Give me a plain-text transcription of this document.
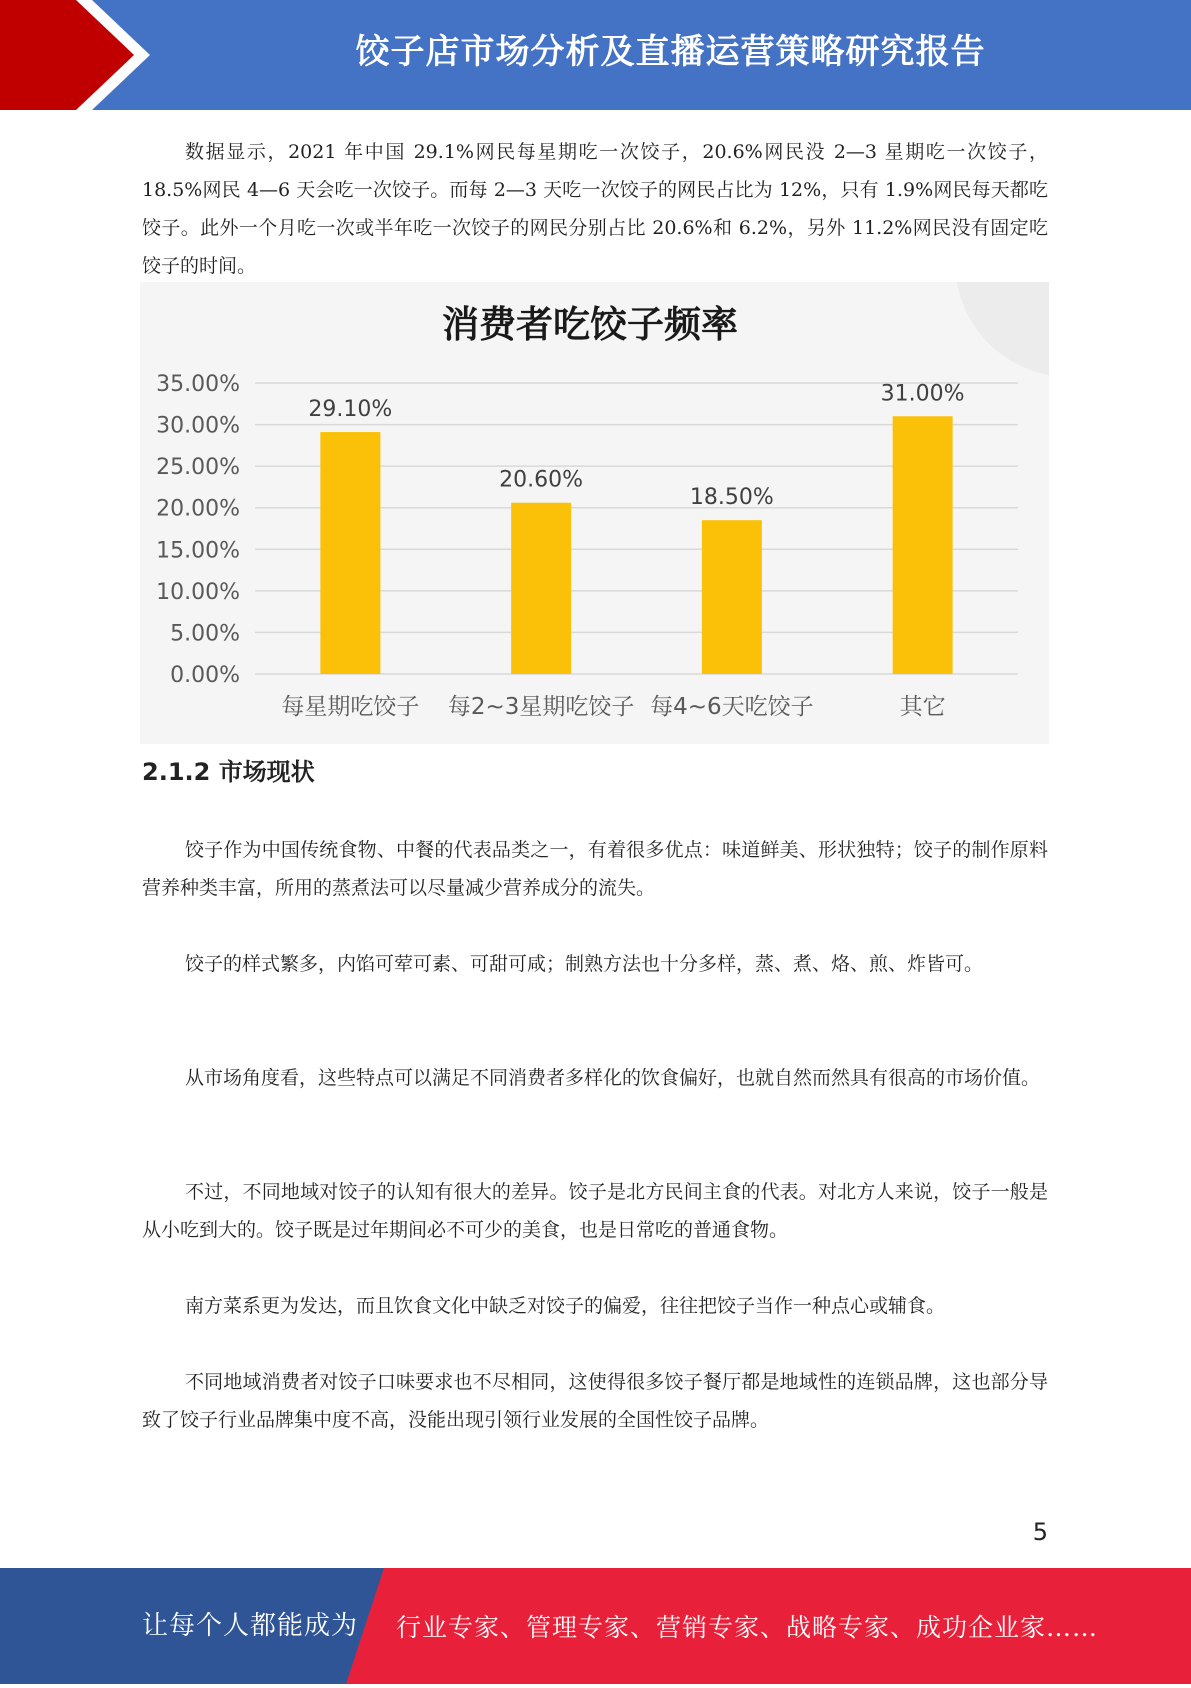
饺子店市场分析及直播运营策略研究报告

数据显示，2021 年中国 29.1%网民每星期吃一次饺子，20.6%网民没 2—3 星期吃一次饺子，18.5%网民 4—6 天会吃一次饺子。而每 2—3 天吃一次饺子的网民占比为 12%，只有 1.9%网民每天都吃饺子。此外一个月吃一次或半年吃一次饺子的网民分别占比 20.6%和 6.2%，另外 11.2%网民没有固定吃饺子的时间。

消费者吃饺子频率
0.00%
5.00%
10.00%
15.00%
20.00%
25.00%
30.00%
35.00%
29.10%
每星期吃饺子
20.60%
每2~3星期吃饺子
18.50%
每4~6天吃饺子
31.00%
其它
2.1.2 市场现状

饺子作为中国传统食物、中餐的代表品类之一，有着很多优点：味道鲜美、形状独特；饺子的制作原料营养种类丰富，所用的蒸煮法可以尽量减少营养成分的流失。

饺子的样式繁多，内馅可荤可素、可甜可咸；制熟方法也十分多样，蒸、煮、烙、煎、炸皆可。

从市场角度看，这些特点可以满足不同消费者多样化的饮食偏好，也就自然而然具有很高的市场价值。

不过，不同地域对饺子的认知有很大的差异。饺子是北方民间主食的代表。对北方人来说，饺子一般是从小吃到大的。饺子既是过年期间必不可少的美食，也是日常吃的普通食物。

南方菜系更为发达，而且饮食文化中缺乏对饺子的偏爱，往往把饺子当作一种点心或辅食。

不同地域消费者对饺子口味要求也不尽相同，这使得很多饺子餐厅都是地域性的连锁品牌，这也部分导致了饺子行业品牌集中度不高，没能出现引领行业发展的全国性饺子品牌。

5
让每个人都能成为 行业专家、管理专家、营销专家、战略专家、成功企业家……
